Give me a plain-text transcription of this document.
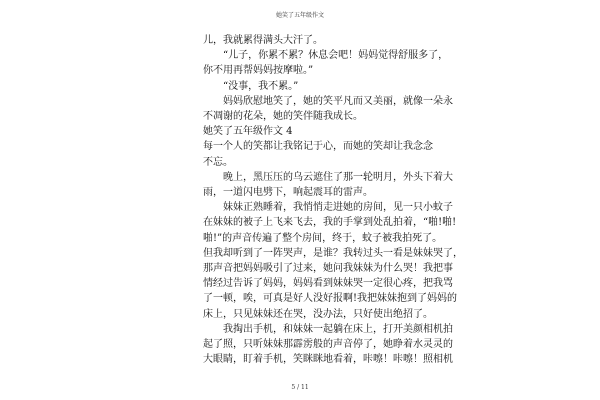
她笑了五年级作文

儿，我就累得满头大汗了。

“儿子，你累不累？休息会吧！妈妈觉得舒服多了，

你不用再帮妈妈按摩啦。”

“没事，我不累。”

妈妈欣慰地笑了，她的笑平凡而又美丽，就像一朵永

不凋谢的花朵，她的笑伴随我成长。

她笑了五年级作文 4

每一个人的笑都让我铭记于心，而她的笑却让我念念

不忘。

晚上，黑压压的乌云遮住了那一轮明月，外头下着大

雨，一道闪电劈下，响起震耳的雷声。

妹妹正熟睡着，我悄悄走进她的房间，见一只小蚊子

在妹妹的被子上飞来飞去，我的手掌到处乱拍着，“啪!啪!

啪!”的声音传遍了整个房间，终于，蚊子被我拍死了。

但我却听到了一阵哭声，是谁？我转过头一看是妹妹哭了，

那声音把妈妈吸引了过来，她问我妹妹为什么哭！我把事

情经过告诉了妈妈，妈妈看到妹妹哭一定很心疼，把我骂

了一顿，唉，可真是好人没好报啊!我把妹妹抱到了妈妈的

床上，只见妹妹还在哭，没办法，只好使出绝招了。

我掏出手机，和妹妹一起躺在床上，打开美颜相机拍

起了照，只听妹妹那霹雳般的声音停了，她睁着水灵灵的

大眼睛，盯着手机，笑眯眯地看着，咔嚓！咔嚓！照相机

5 / 11
